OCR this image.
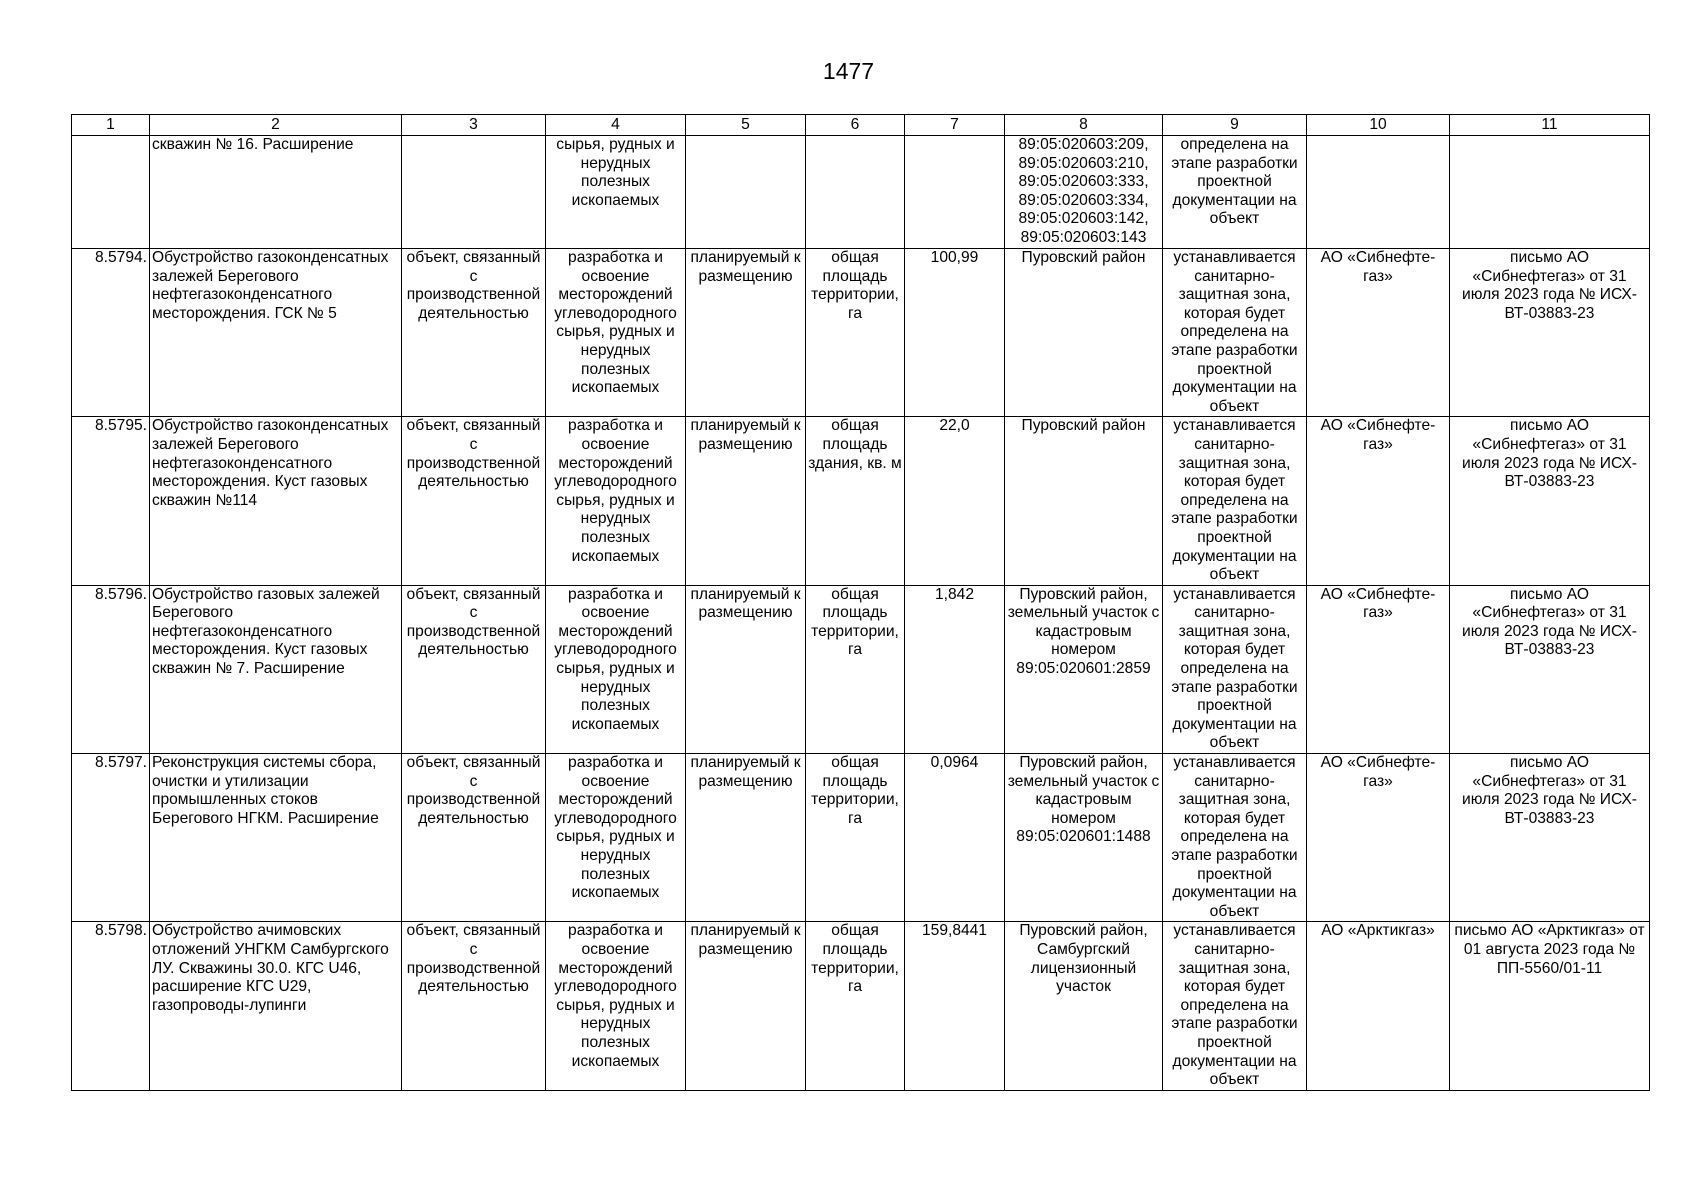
1477
1	2	3	4	5	6	7	8	9	10	11
	скважин № 16. Расширение		сырья, рудных и нерудных полезных ископаемых				89:05:020603:209, 89:05:020603:210, 89:05:020603:333, 89:05:020603:334, 89:05:020603:142, 89:05:020603:143	определена на этапе разработки проектной документации на объект		
8.5794.	Обустройство газоконденсатных залежей Берегового нефтегазоконденсатного месторождения. ГСК № 5	объект, связанный с производственной деятельностью	разработка и освоение месторождений углеводородного сырья, рудных и нерудных полезных ископаемых	планируемый к размещению	общая площадь территории, га	100,99	Пуровский район	устанавливается санитарно-защитная зона, которая будет определена на этапе разработки проектной документации на объект	АО «Сибнефте-газ»	письмо АО «Сибнефтегаз» от 31 июля 2023 года № ИСХ-ВТ-03883-23
8.5795.	Обустройство газоконденсатных залежей Берегового нефтегазоконденсатного месторождения. Куст газовых скважин №114	объект, связанный с производственной деятельностью	разработка и освоение месторождений углеводородного сырья, рудных и нерудных полезных ископаемых	планируемый к размещению	общая площадь здания, кв. м	22,0	Пуровский район	устанавливается санитарно-защитная зона, которая будет определена на этапе разработки проектной документации на объект	АО «Сибнефте-газ»	письмо АО «Сибнефтегаз» от 31 июля 2023 года № ИСХ-ВТ-03883-23
8.5796.	Обустройство газовых залежей Берегового нефтегазоконденсатного месторождения. Куст газовых скважин № 7. Расширение	объект, связанный с производственной деятельностью	разработка и освоение месторождений углеводородного сырья, рудных и нерудных полезных ископаемых	планируемый к размещению	общая площадь территории, га	1,842	Пуровский район, земельный участок с кадастровым номером 89:05:020601:2859	устанавливается санитарно-защитная зона, которая будет определена на этапе разработки проектной документации на объект	АО «Сибнефте-газ»	письмо АО «Сибнефтегаз» от 31 июля 2023 года № ИСХ-ВТ-03883-23
8.5797.	Реконструкция системы сбора, очистки и утилизации промышленных стоков Берегового НГКМ. Расширение	объект, связанный с производственной деятельностью	разработка и освоение месторождений углеводородного сырья, рудных и нерудных полезных ископаемых	планируемый к размещению	общая площадь территории, га	0,0964	Пуровский район, земельный участок с кадастровым номером 89:05:020601:1488	устанавливается санитарно-защитная зона, которая будет определена на этапе разработки проектной документации на объект	АО «Сибнефте-газ»	письмо АО «Сибнефтегаз» от 31 июля 2023 года № ИСХ-ВТ-03883-23
8.5798.	Обустройство ачимовских отложений УНГКМ Самбургского ЛУ. Скважины 30.0. КГС U46, расширение КГС U29, газопроводы-лупинги	объект, связанный с производственной деятельностью	разработка и освоение месторождений углеводородного сырья, рудных и нерудных полезных ископаемых	планируемый к размещению	общая площадь территории, га	159,8441	Пуровский район, Самбургский лицензионный участок	устанавливается санитарно-защитная зона, которая будет определена на этапе разработки проектной документации на объект	АО «Арктикгаз»	письмо АО «Арктикгаз» от 01 августа 2023 года № ПП-5560/01-11
